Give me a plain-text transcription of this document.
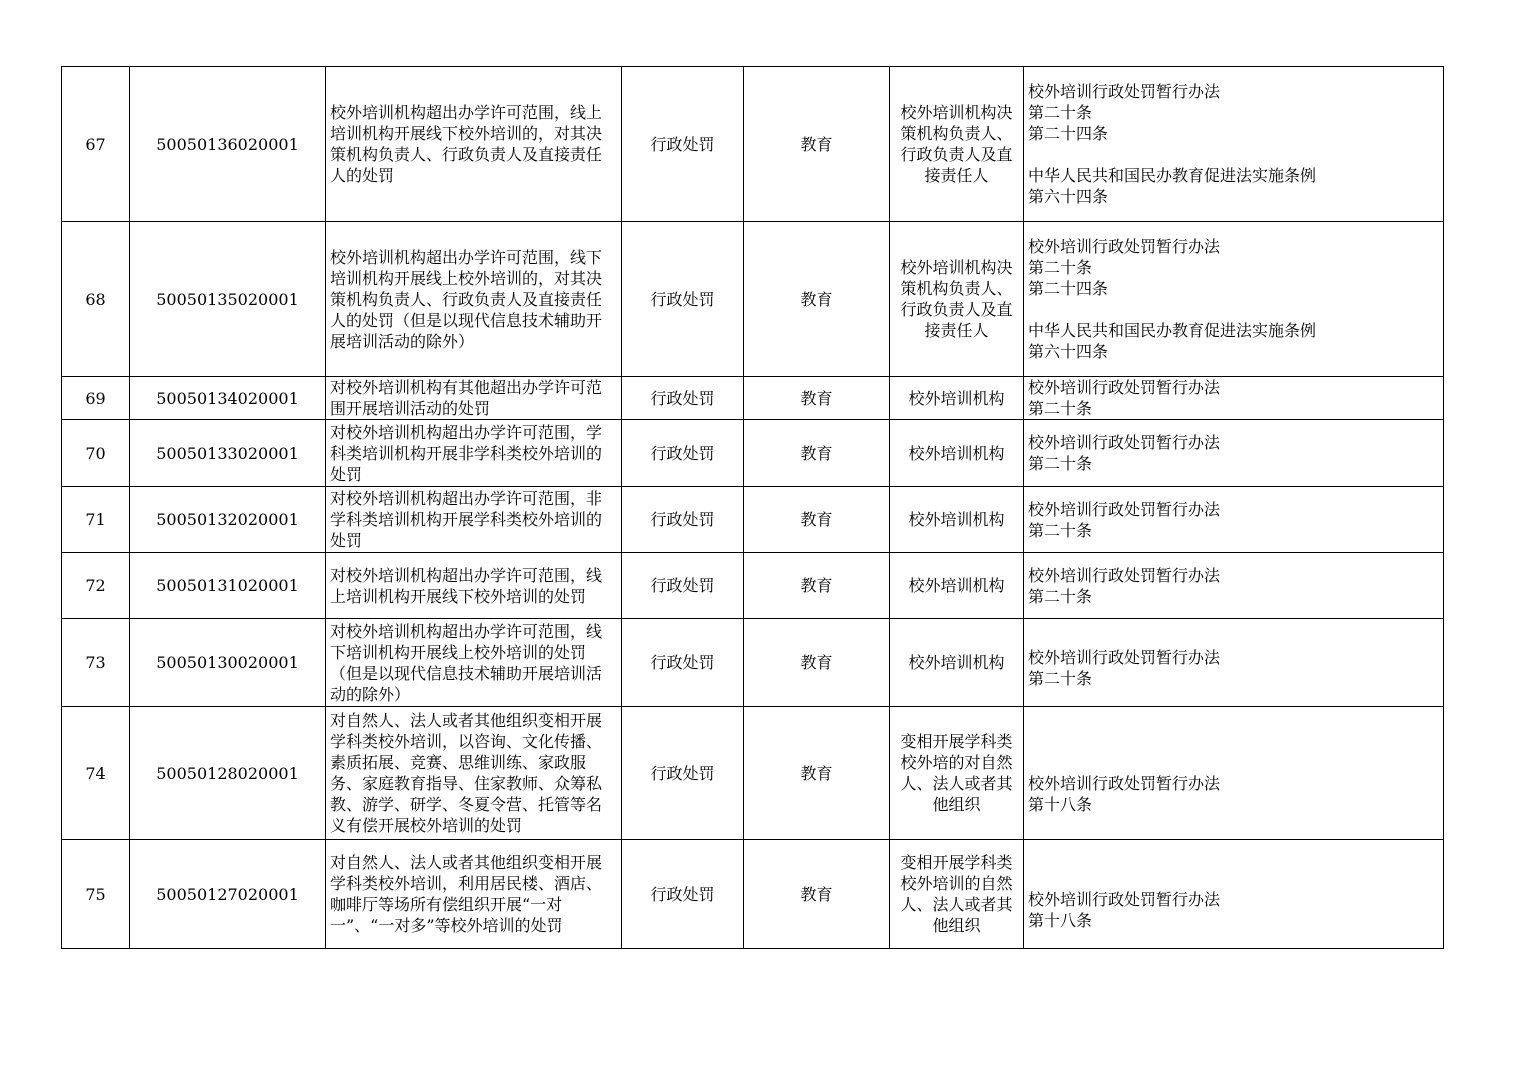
67	50050136020001	校外培训机构超出办学许可范围，线上培训机构开展线下校外培训的，对其决策机构负责人、行政负责人及直接责任人的处罚	行政处罚	教育	校外培训机构决策机构负责人、行政负责人及直接责任人	校外培训行政处罚暂行办法
第二十条
第二十四条
中华人民共和国民办教育促进法实施条例
第六十四条

68	50050135020001	校外培训机构超出办学许可范围，线下培训机构开展线上校外培训的，对其决策机构负责人、行政负责人及直接责任人的处罚（但是以现代信息技术辅助开展培训活动的除外）	行政处罚	教育	校外培训机构决策机构负责人、行政负责人及直接责任人	校外培训行政处罚暂行办法
第二十条
第二十四条
中华人民共和国民办教育促进法实施条例
第六十四条

69	50050134020001	对校外培训机构有其他超出办学许可范围开展培训活动的处罚	行政处罚	教育	校外培训机构	校外培训行政处罚暂行办法
第二十条

70	50050133020001	对校外培训机构超出办学许可范围，学科类培训机构开展非学科类校外培训的处罚	行政处罚	教育	校外培训机构	校外培训行政处罚暂行办法
第二十条

71	50050132020001	对校外培训机构超出办学许可范围，非学科类培训机构开展学科类校外培训的处罚	行政处罚	教育	校外培训机构	校外培训行政处罚暂行办法
第二十条

72	50050131020001	对校外培训机构超出办学许可范围，线上培训机构开展线下校外培训的处罚	行政处罚	教育	校外培训机构	校外培训行政处罚暂行办法
第二十条

73	50050130020001	对校外培训机构超出办学许可范围，线下培训机构开展线上校外培训的处罚（但是以现代信息技术辅助开展培训活动的除外）	行政处罚	教育	校外培训机构	校外培训行政处罚暂行办法
第二十条

74	50050128020001	对自然人、法人或者其他组织变相开展学科类校外培训，以咨询、文化传播、素质拓展、竞赛、思维训练、家政服务、家庭教育指导、住家教师、众筹私教、游学、研学、冬夏令营、托管等名义有偿开展校外培训的处罚	行政处罚	教育	变相开展学科类校外培的对自然人、法人或者其他组织	校外培训行政处罚暂行办法
第十八条

75	50050127020001	对自然人、法人或者其他组织变相开展学科类校外培训，利用居民楼、酒店、咖啡厅等场所有偿组织开展“一对一”、“一对多”等校外培训的处罚	行政处罚	教育	变相开展学科类校外培训的自然人、法人或者其他组织	校外培训行政处罚暂行办法
第十八条
